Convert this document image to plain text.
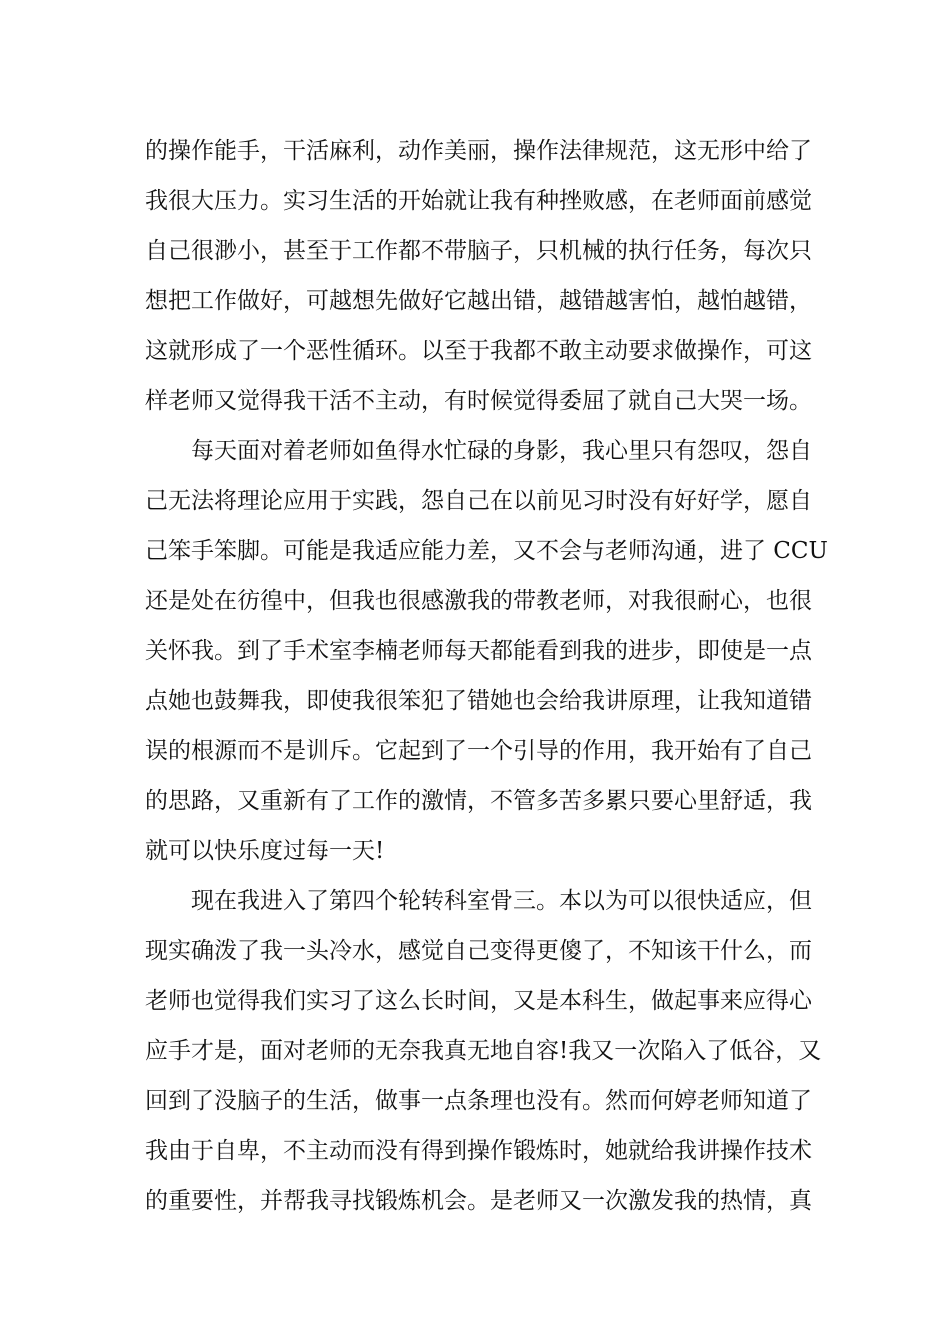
的操作能手，干活麻利，动作美丽，操作法律规范，这无形中给了
我很大压力。实习生活的开始就让我有种挫败感，在老师面前感觉
自己很渺小，甚至于工作都不带脑子，只机械的执行任务，每次只
想把工作做好，可越想先做好它越出错，越错越害怕，越怕越错，
这就形成了一个恶性循环。以至于我都不敢主动要求做操作，可这
样老师又觉得我干活不主动，有时候觉得委屈了就自己大哭一场。
每天面对着老师如鱼得水忙碌的身影，我心里只有怨叹，怨自
己无法将理论应用于实践，怨自己在以前见习时没有好好学，愿自
己笨手笨脚。可能是我适应能力差，又不会与老师沟通，进了 CCU
还是处在彷徨中，但我也很感激我的带教老师，对我很耐心，也很
关怀我。到了手术室李楠老师每天都能看到我的进步，即使是一点
点她也鼓舞我，即使我很笨犯了错她也会给我讲原理，让我知道错
误的根源而不是训斥。它起到了一个引导的作用，我开始有了自己
的思路，又重新有了工作的激情，不管多苦多累只要心里舒适，我
就可以快乐度过每一天!
现在我进入了第四个轮转科室骨三。本以为可以很快适应，但
现实确泼了我一头冷水，感觉自己变得更傻了，不知该干什么，而
老师也觉得我们实习了这么长时间，又是本科生，做起事来应得心
应手才是，面对老师的无奈我真无地自容!我又一次陷入了低谷，又
回到了没脑子的生活，做事一点条理也没有。然而何婷老师知道了
我由于自卑，不主动而没有得到操作锻炼时，她就给我讲操作技术
的重要性，并帮我寻找锻炼机会。是老师又一次激发我的热情，真
